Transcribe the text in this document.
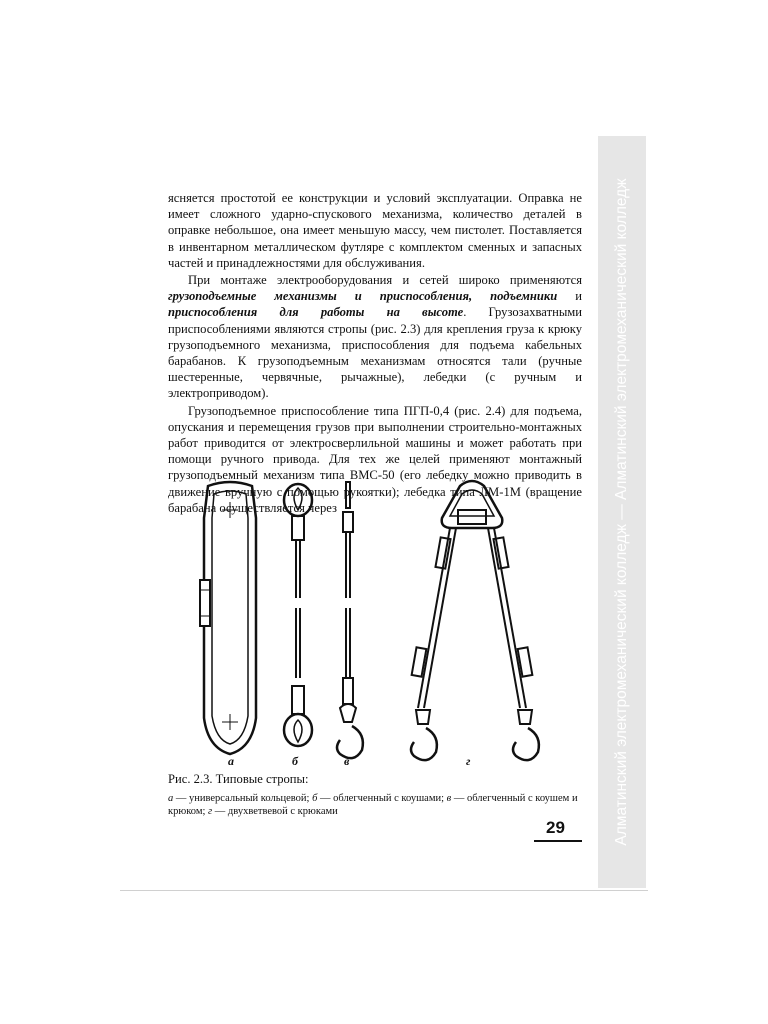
ясняется простотой ее конструкции и условий эксплуатации. Оправка не имеет сложного ударно-спускового механизма, количество деталей в оправке небольшое, она имеет меньшую массу, чем пистолет. Поставляется в инвентарном металлическом футляре с комплектом сменных и запасных частей и принадлежностями для обслуживания.

При монтаже электрооборудования и сетей широко применяются грузоподъемные механизмы и приспособления, подъемники и приспособления для работы на высоте. Грузозахватными приспособлениями являются стропы (рис. 2.3) для крепления груза к крюку грузоподъемного механизма, приспособления для подъема кабельных барабанов. К грузоподъемным механизмам относятся тали (ручные шестеренные, червячные, рычажные), лебедки (с ручным и электроприводом).

Грузоподъемное приспособление типа ПГП-0,4 (рис. 2.4) для подъема, опускания и перемещения грузов при выполнении строительно-монтажных работ приводится от электросверлильной машины и может работать при помощи ручного привода. Для тех же целей применяют монтажный грузоподъемный механизм типа ВМС-50 (его лебедку можно приводить в движение вручную с помощью рукоятки); лебедка типа ЛМ-1М (вращение барабана осуществляется через

а	б	в	г
Рис. 2.3. Типовые стропы:
а — универсальный кольцевой; б — облегченный с коушами; в — облегченный с коушем и крюком; г — двухветвевой с крюками
29	Алматинский электромеханический колледж — Алматинский электромеханический колледж
